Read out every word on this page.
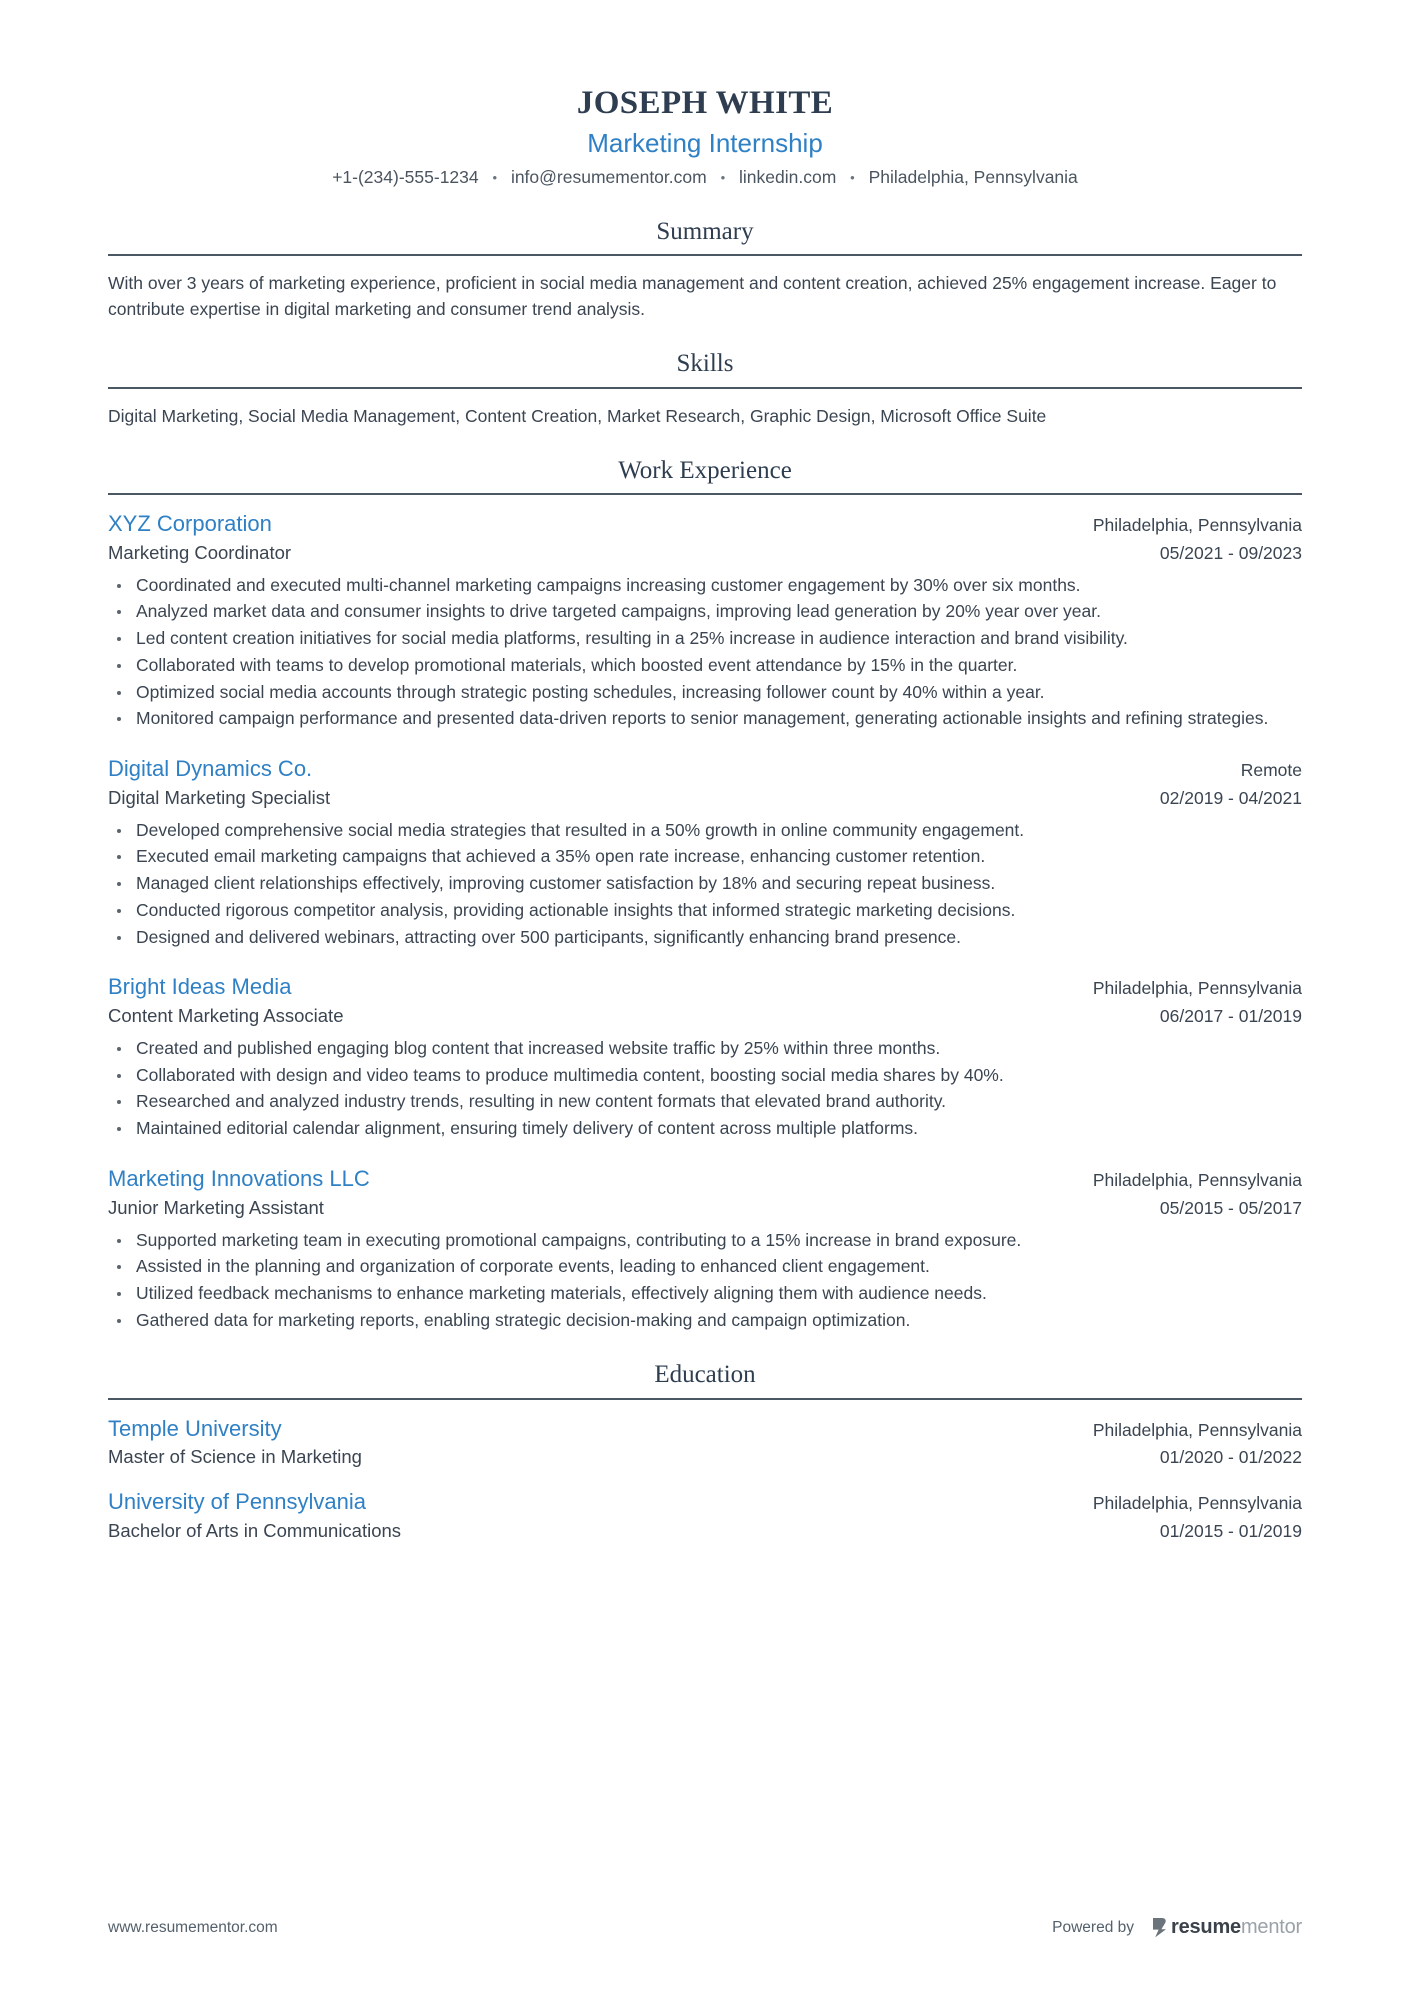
JOSEPH WHITE
Marketing Internship
+1-(234)-555-1234 • info@resumementor.com • linkedin.com • Philadelphia, Pennsylvania
Summary

With over 3 years of marketing experience, proficient in social media management and content creation, achieved 25% engagement increase. Eager to contribute expertise in digital marketing and consumer trend analysis.

Skills

Digital Marketing, Social Media Management, Content Creation, Market Research, Graphic Design, Microsoft Office Suite

Work Experience
XYZ Corporation	Philadelphia, Pennsylvania
Marketing Coordinator	05/2021 - 09/2023
Coordinated and executed multi-channel marketing campaigns increasing customer engagement by 30% over six months.
Analyzed market data and consumer insights to drive targeted campaigns, improving lead generation by 20% year over year.
Led content creation initiatives for social media platforms, resulting in a 25% increase in audience interaction and brand visibility.
Collaborated with teams to develop promotional materials, which boosted event attendance by 15% in the quarter.
Optimized social media accounts through strategic posting schedules, increasing follower count by 40% within a year.
Monitored campaign performance and presented data-driven reports to senior management, generating actionable insights and refining strategies.
Digital Dynamics Co.	Remote
Digital Marketing Specialist	02/2019 - 04/2021
Developed comprehensive social media strategies that resulted in a 50% growth in online community engagement.
Executed email marketing campaigns that achieved a 35% open rate increase, enhancing customer retention.
Managed client relationships effectively, improving customer satisfaction by 18% and securing repeat business.
Conducted rigorous competitor analysis, providing actionable insights that informed strategic marketing decisions.
Designed and delivered webinars, attracting over 500 participants, significantly enhancing brand presence.
Bright Ideas Media	Philadelphia, Pennsylvania
Content Marketing Associate	06/2017 - 01/2019
Created and published engaging blog content that increased website traffic by 25% within three months.
Collaborated with design and video teams to produce multimedia content, boosting social media shares by 40%.
Researched and analyzed industry trends, resulting in new content formats that elevated brand authority.
Maintained editorial calendar alignment, ensuring timely delivery of content across multiple platforms.
Marketing Innovations LLC	Philadelphia, Pennsylvania
Junior Marketing Assistant	05/2015 - 05/2017
Supported marketing team in executing promotional campaigns, contributing to a 15% increase in brand exposure.
Assisted in the planning and organization of corporate events, leading to enhanced client engagement.
Utilized feedback mechanisms to enhance marketing materials, effectively aligning them with audience needs.
Gathered data for marketing reports, enabling strategic decision-making and campaign optimization.
Education
Temple University	Philadelphia, Pennsylvania
Master of Science in Marketing	01/2020 - 01/2022
University of Pennsylvania	Philadelphia, Pennsylvania
Bachelor of Arts in Communications	01/2015 - 01/2019
www.resumementor.com	Powered by resumementor
